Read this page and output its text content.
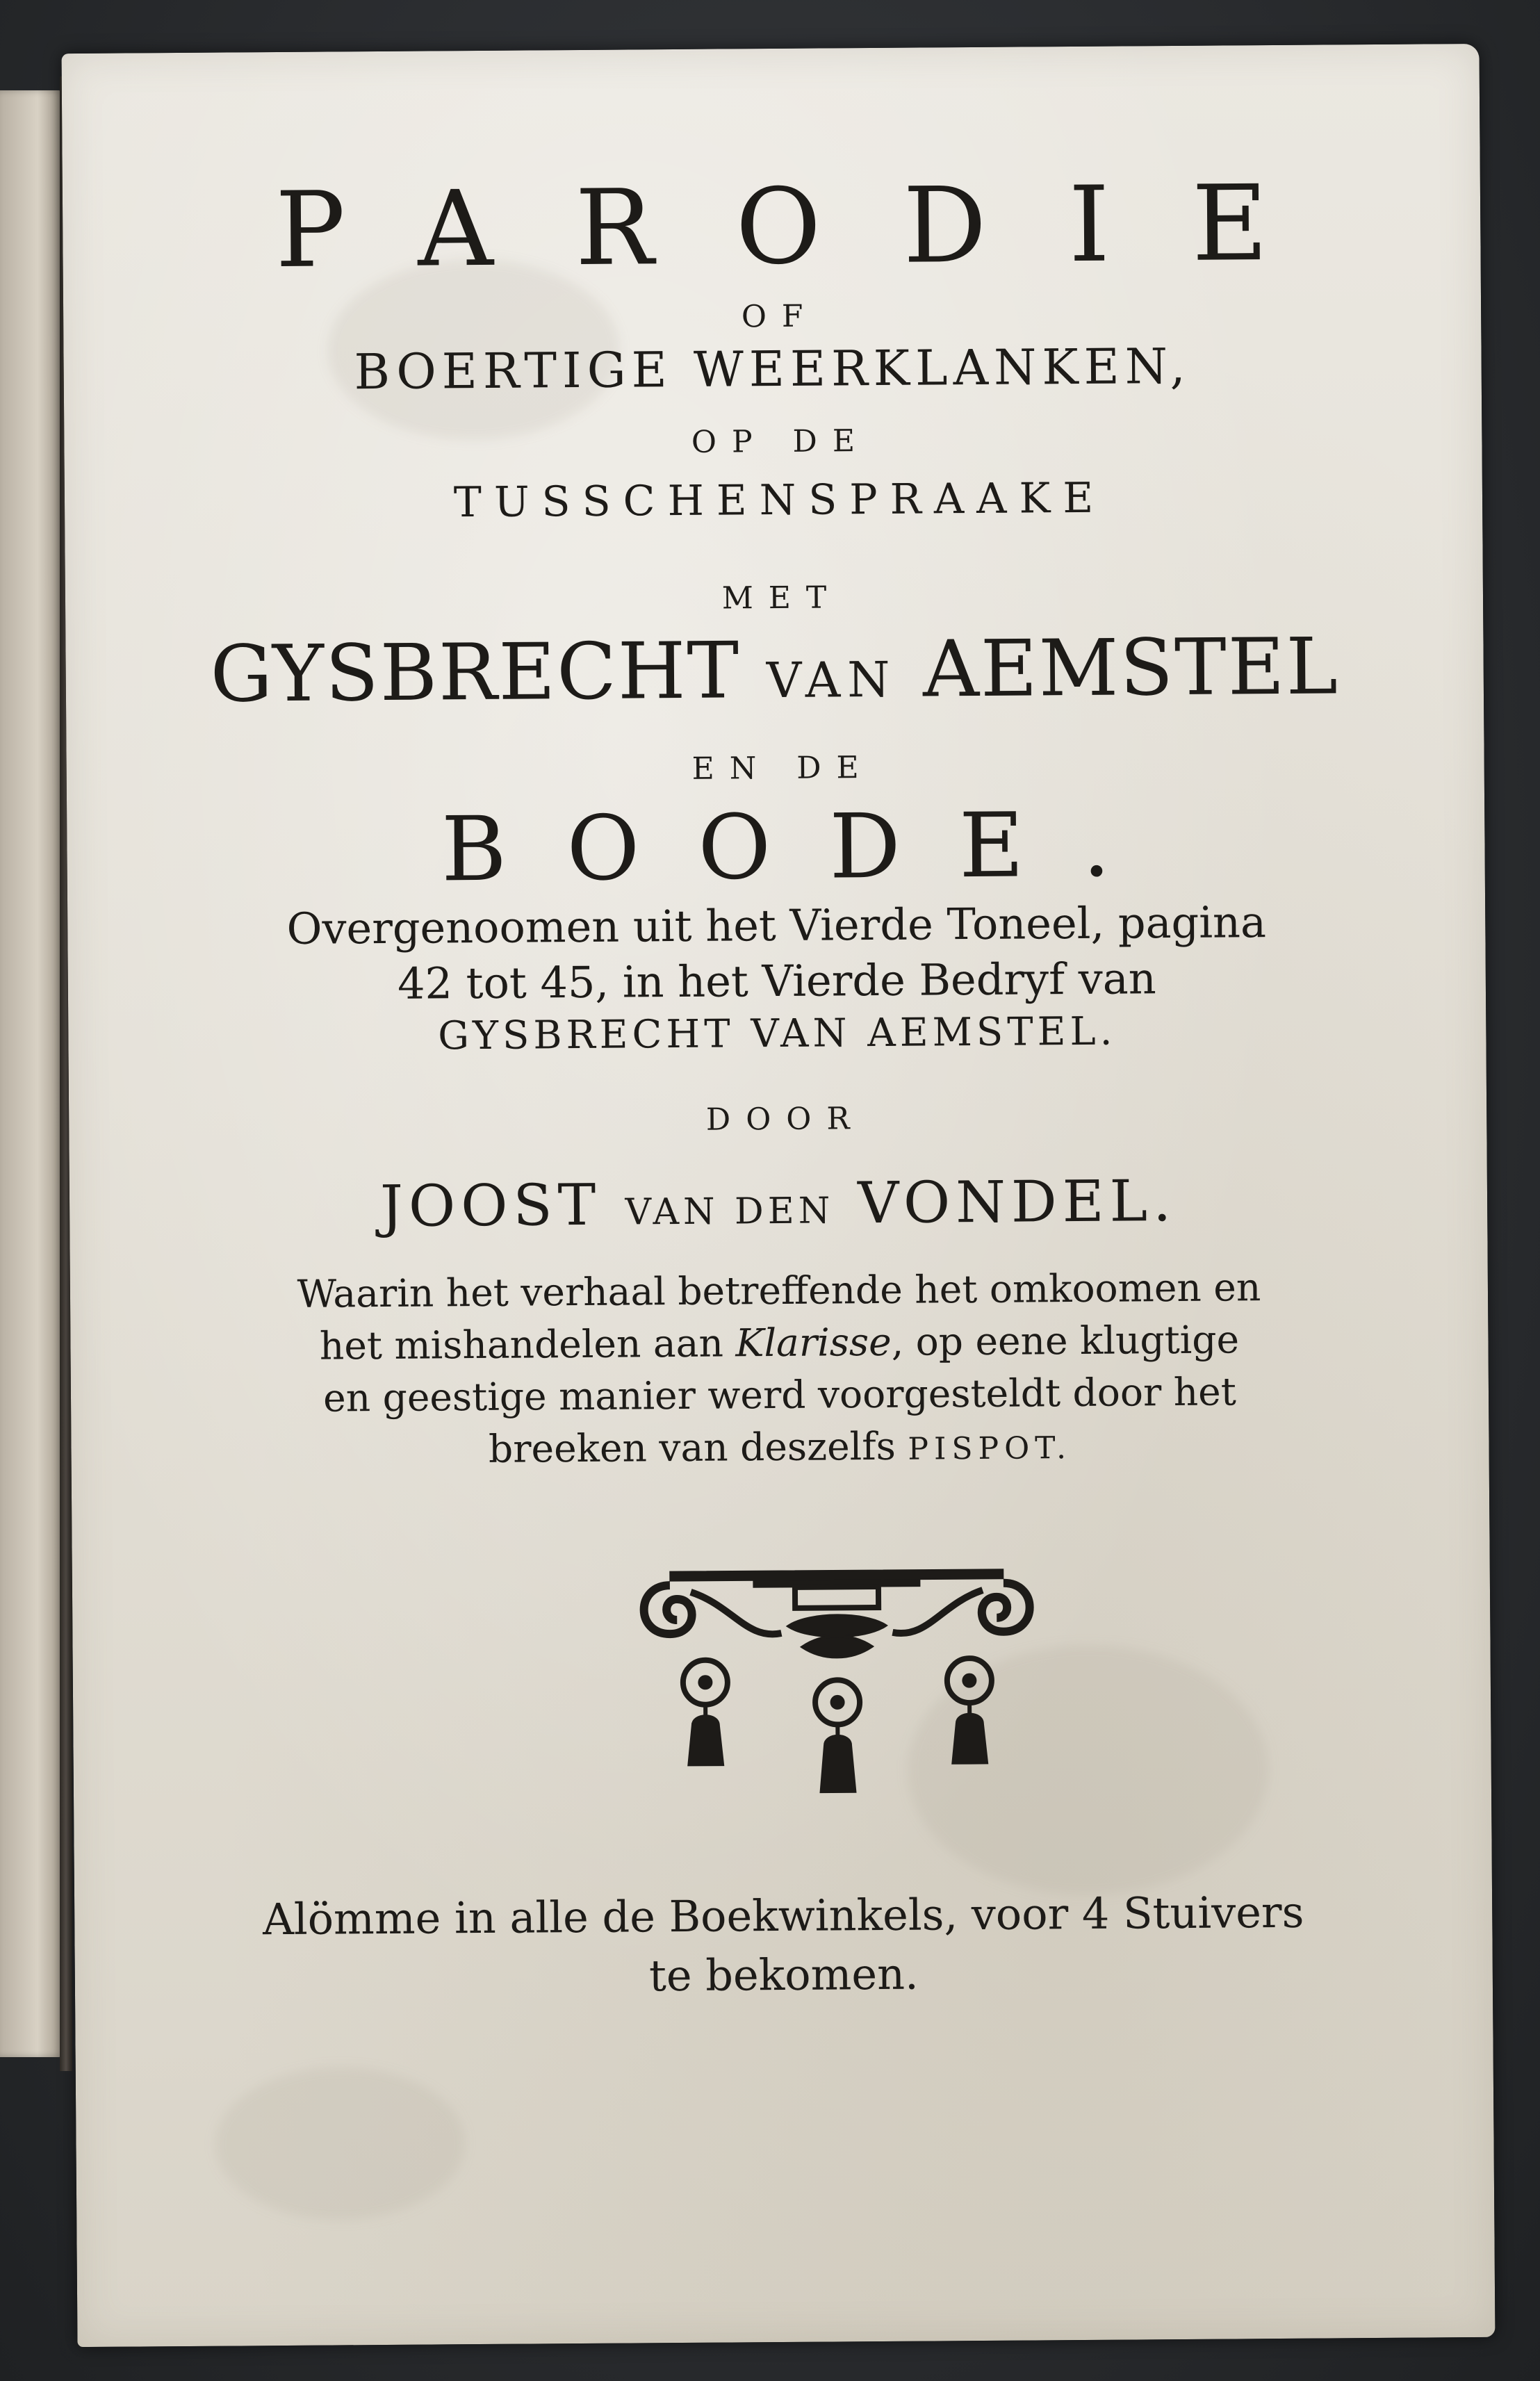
PARODIE
OF
BOERTIGE WEERKLANKEN,
OP DE
TUSSCHENSPRAAKE
MET
GYSBRECHT VAN AEMSTEL
EN DE
BOODE.
Overgenoomen uit het Vierde Toneel, pagina
42 tot 45, in het Vierde Bedryf van
GYSBRECHT VAN AEMSTEL.
DOOR
JOOST VAN DEN VONDEL.
Waarin het verhaal betreffende het omkoomen en
het mishandelen aan Klarisse, op eene klugtige
en geestige manier werd voorgesteldt door het
breeken van deszelfs PISPOT.
Alömme in alle de Boekwinkels, voor 4 Stuivers
te bekomen.
